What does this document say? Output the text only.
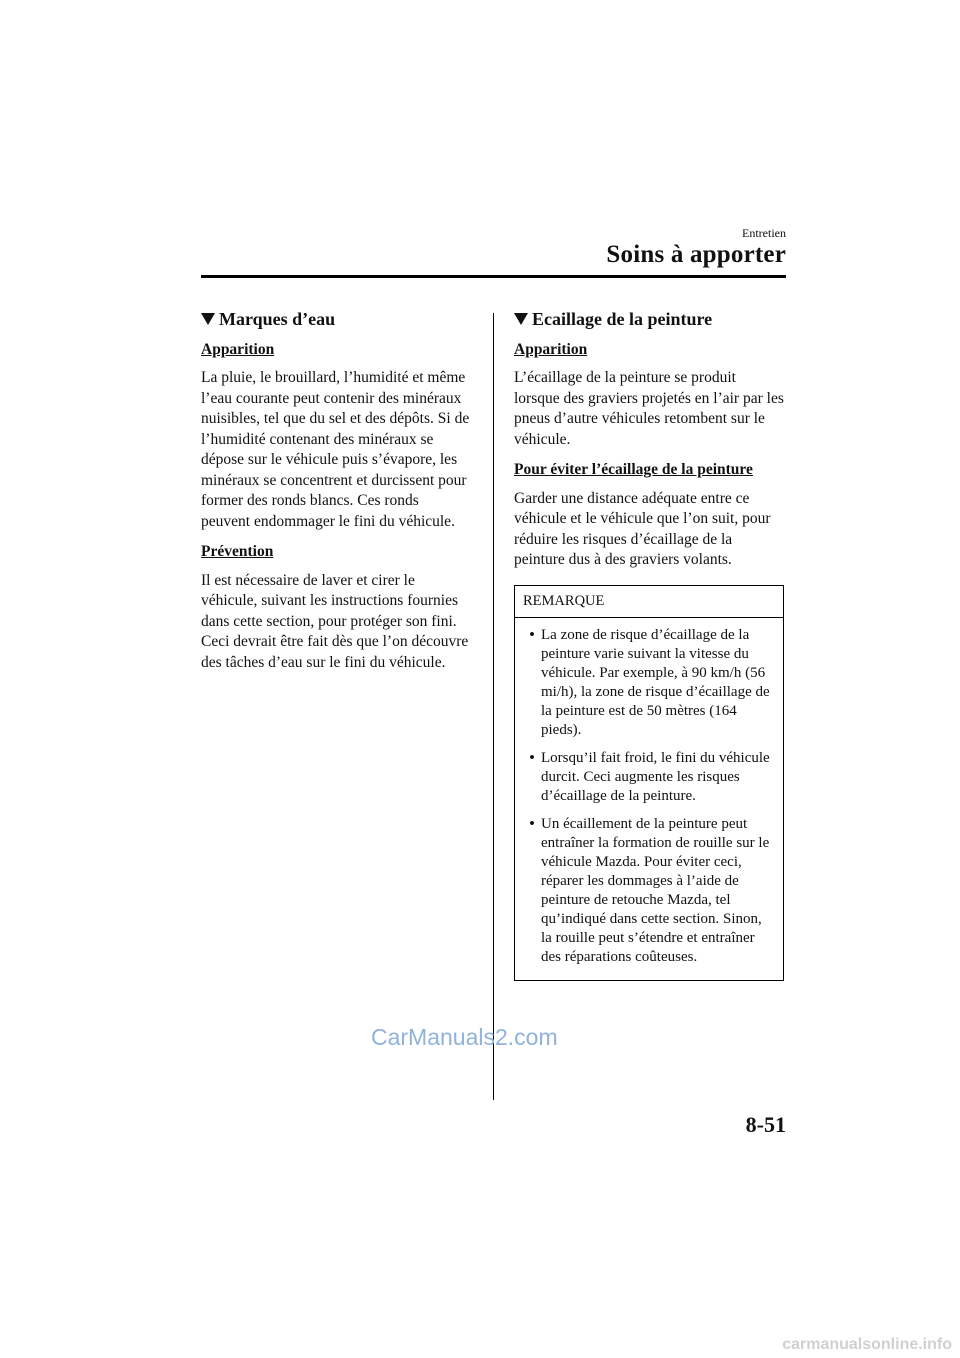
Entretien
Soins à apporter
Marques d’eau
Apparition

La pluie, le brouillard, l’humidité et même l’eau courante peut contenir des minéraux nuisibles, tel que du sel et des dépôts. Si de l’humidité contenant des minéraux se dépose sur le véhicule puis s’évapore, les minéraux se concentrent et durcissent pour former des ronds blancs. Ces ronds peuvent endommager le fini du véhicule.

Prévention

Il est nécessaire de laver et cirer le véhicule, suivant les instructions fournies dans cette section, pour protéger son fini. Ceci devrait être fait dès que l’on découvre des tâches d’eau sur le fini du véhicule.

Ecaillage de la peinture
Apparition

L’écaillage de la peinture se produit lorsque des graviers projetés en l’air par les pneus d’autre véhicules retombent sur le véhicule.

Pour éviter l’écaillage de la peinture

Garder une distance adéquate entre ce véhicule et le véhicule que l’on suit, pour réduire les risques d’écaillage de la peinture dus à des graviers volants.

REMARQUE
• La zone de risque d’écaillage de la peinture varie suivant la vitesse du véhicule. Par exemple, à 90 km/h (56 mi/h), la zone de risque d’écaillage de la peinture est de 50 mètres (164 pieds).
• Lorsqu’il fait froid, le fini du véhicule durcit. Ceci augmente les risques d’écaillage de la peinture.
• Un écaillement de la peinture peut entraîner la formation de rouille sur le véhicule Mazda. Pour éviter ceci, réparer les dommages à l’aide de peinture de retouche Mazda, tel qu’indiqué dans cette section. Sinon, la rouille peut s’étendre et entraîner des réparations coûteuses.
CarManuals2.com
8-51
carmanualsonline.info
